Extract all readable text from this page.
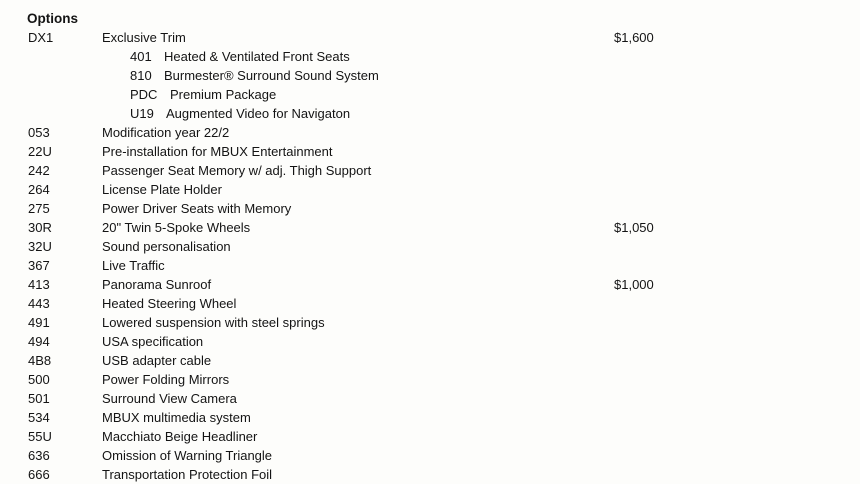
Options
DX1	Exclusive Trim	$1,600
401 Heated & Ventilated Front Seats
810 Burmester® Surround Sound System
PDC Premium Package
U19 Augmented Video for Navigaton
053	Modification year 22/2
22U	Pre-installation for MBUX Entertainment
242	Passenger Seat Memory w/ adj. Thigh Support
264	License Plate Holder
275	Power Driver Seats with Memory
30R	20" Twin 5-Spoke Wheels	$1,050
32U	Sound personalisation
367	Live Traffic
413	Panorama Sunroof	$1,000
443	Heated Steering Wheel
491	Lowered suspension with steel springs
494	USA specification
4B8	USB adapter cable
500	Power Folding Mirrors
501	Surround View Camera
534	MBUX multimedia system
55U	Macchiato Beige Headliner
636	Omission of Warning Triangle
666	Transportation Protection Foil
